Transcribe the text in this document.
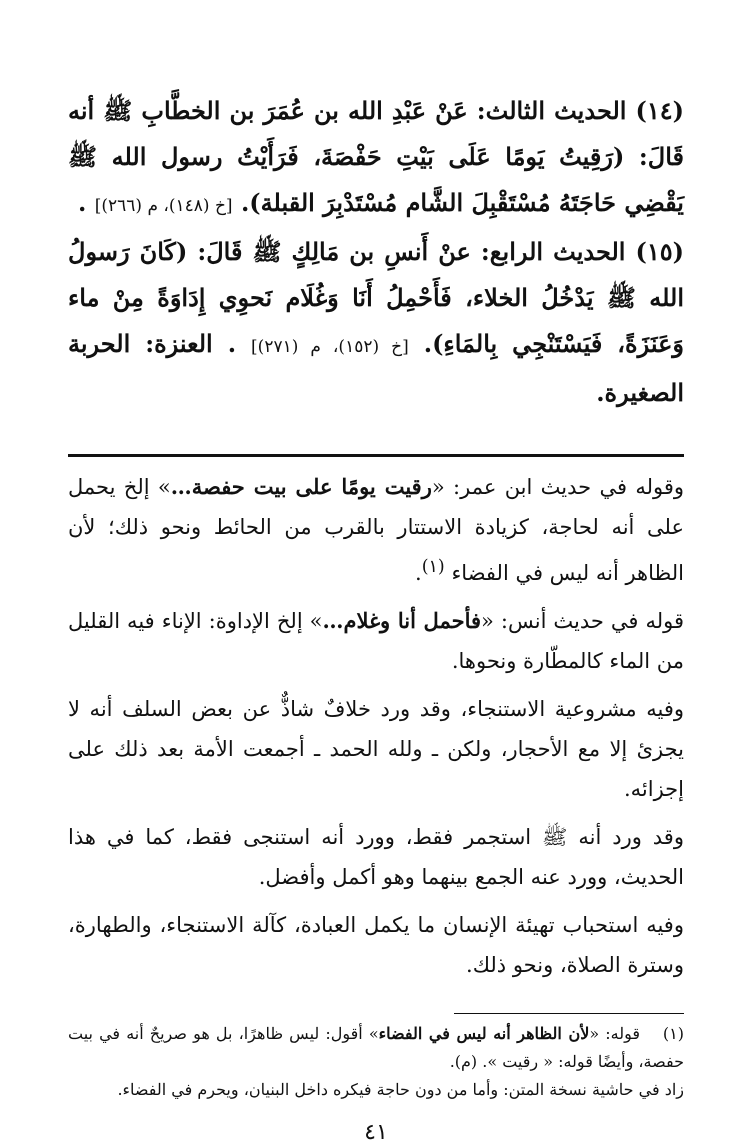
(١٤) الحديث الثالث: عَنْ عَبْدِ الله بن عُمَرَ بن الخطَّابِ ﷺ أنه قَالَ: (رَقِيتُ يَومًا عَلَى بَيْتِ حَفْصَةَ، فَرَأَيْتُ رسول الله ﷺ يَقْضِي حَاجَتَهُ مُسْتَقْبِلَ الشَّام مُسْتَدْبِرَ القبلة). [خ (١٤٨)، م (٢٦٦)] .

(١٥) الحديث الرابع: عنْ أَنسِ بن مَالِكٍ ﷺ قَالَ: (كَانَ رَسولُ الله ﷺ يَدْخُلُ الخلاء، فَأَحْمِلُ أَنَا وَغُلَام نَحوِي إِدَاوَةً مِنْ ماء وَعَنَزَةً، فَيَسْتَنْجِي بِالمَاءِ). [خ (١٥٢)، م (٢٧١)] . العنزة: الحربة الصغيرة.

وقوله في حديث ابن عمر: «رقيت يومًا على بيت حفصة…» إلخ يحمل على أنه لحاجة، كزيادة الاستتار بالقرب من الحائط ونحو ذلك؛ لأن الظاهر أنه ليس في الفضاء $^{(١)}$.

قوله في حديث أنس: «فأحمل أنا وغلام…» إلخ الإداوة: الإناء فيه القليل من الماء كالمطّارة ونحوها.

وفيه مشروعية الاستنجاء، وقد ورد خلافٌ شاذٌّ عن بعض السلف أنه لا يجزئ إلا مع الأحجار، ولكن ـ ولله الحمد ـ أجمعت الأمة بعد ذلك على إجزائه.

وقد ورد أنه ﷺ استجمر فقط، وورد أنه استنجى فقط، كما في هذا الحديث، وورد عنه الجمع بينهما وهو أكمل وأفضل.

وفيه استحباب تهيئة الإنسان ما يكمل العبادة، كآلة الاستنجاء، والطهارة، وسترة الصلاة، ونحو ذلك.

(١)قوله: «لأن الظاهر أنه ليس في الفضاء» أقول: ليس ظاهرًا، بل هو صريحٌ أنه في بيت حفصة، وأيضًا قوله: « رقيت ». (م).

زاد في حاشية نسخة المتن: وأما من دون حاجة فيكره داخل البنيان، ويحرم في الفضاء.

٤١
